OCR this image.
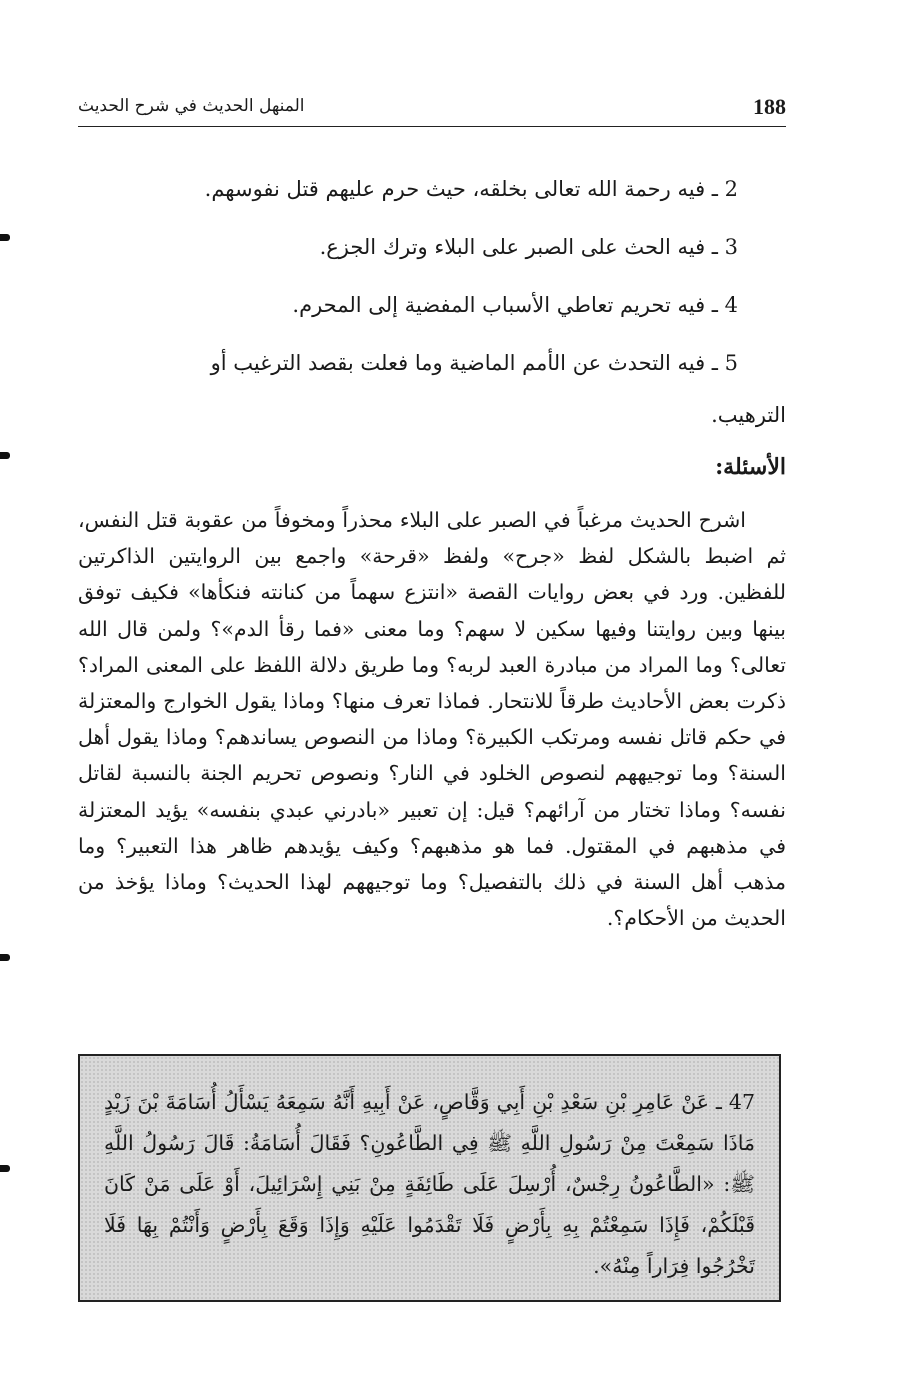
188
المنهل الحديث في شرح الحديث

2 ـ فيه رحمة الله تعالى بخلقه، حيث حرم عليهم قتل نفوسهم.

3 ـ فيه الحث على الصبر على البلاء وترك الجزع.

4 ـ فيه تحريم تعاطي الأسباب المفضية إلى المحرم.

5 ـ فيه التحدث عن الأمم الماضية وما فعلت بقصد الترغيب أو

الترهيب.

الأسئلة:

اشرح الحديث مرغباً في الصبر على البلاء محذراً ومخوفاً من عقوبة قتل النفس، ثم اضبط بالشكل لفظ «جرح» ولفظ «قرحة» واجمع بين الروايتين الذاكرتين للفظين. ورد في بعض روايات القصة «انتزع سهماً من كنانته فنكأها» فكيف توفق بينها وبين روايتنا وفيها سكين لا سهم؟ وما معنى «فما رقأ الدم»؟ ولمن قال الله تعالى؟ وما المراد من مبادرة العبد لربه؟ وما طريق دلالة اللفظ على المعنى المراد؟ ذكرت بعض الأحاديث طرقاً للانتحار. فماذا تعرف منها؟ وماذا يقول الخوارج والمعتزلة في حكم قاتل نفسه ومرتكب الكبيرة؟ وماذا من النصوص يساندهم؟ وماذا يقول أهل السنة؟ وما توجيههم لنصوص الخلود في النار؟ ونصوص تحريم الجنة بالنسبة لقاتل نفسه؟ وماذا تختار من آرائهم؟ قيل: إن تعبير «بادرني عبدي بنفسه» يؤيد المعتزلة في مذهبهم في المقتول. فما هو مذهبهم؟ وكيف يؤيدهم ظاهر هذا التعبير؟ وما مذهب أهل السنة في ذلك بالتفصيل؟ وما توجيههم لهذا الحديث؟ وماذا يؤخذ من الحديث من الأحكام؟.

47 ـ عَنْ عَامِرِ بْنِ سَعْدِ بْنِ أَبِي وَقَّاصٍ، عَنْ أَبِيهِ أَنَّهُ سَمِعَهُ يَسْأَلُ أُسَامَةَ بْنَ زَيْدٍ مَاذَا سَمِعْتَ مِنْ رَسُولِ اللَّهِ ﷺ فِي الطَّاعُونِ؟ فَقَالَ أُسَامَةُ: قَالَ رَسُولُ اللَّهِ ﷺ: «الطَّاعُونُ رِجْسٌ، أُرْسِلَ عَلَى طَائِفَةٍ مِنْ بَنِي إِسْرَائِيلَ، أَوْ عَلَى مَنْ كَانَ قَبْلَكُمْ، فَإِذَا سَمِعْتُمْ بِهِ بِأَرْضٍ فَلَا تَقْدَمُوا عَلَيْهِ وَإِذَا وَقَعَ بِأَرْضٍ وَأَنْتُمْ بِهَا فَلَا تَخْرُجُوا فِرَاراً مِنْهُ».
